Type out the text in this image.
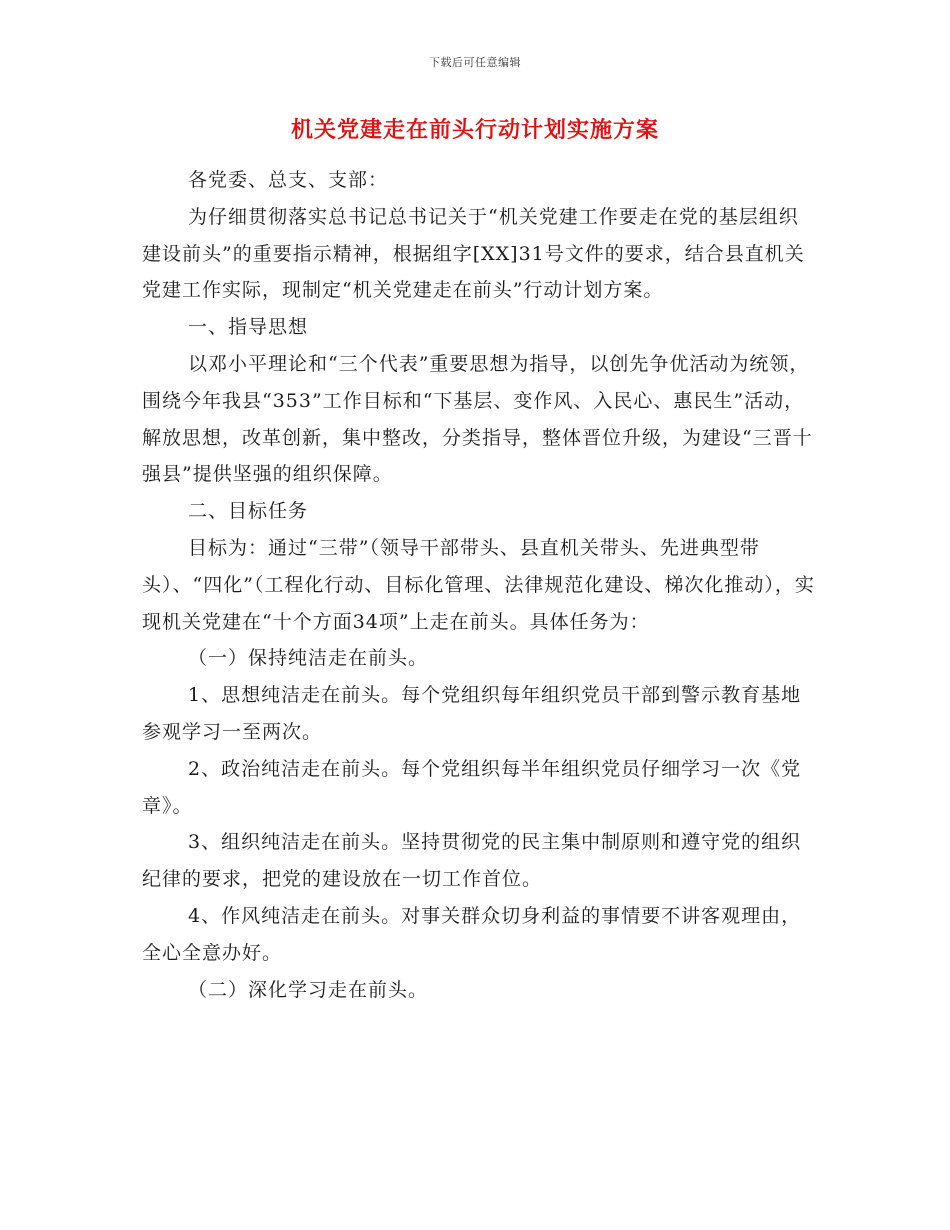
下载后可任意编辑
机关党建走在前头行动计划实施方案

各党委、总支、支部：

为仔细贯彻落实总书记总书记关于“机关党建工作要走在党的基层组织建设前头”的重要指示精神，根据组字[XX]31号文件的要求，结合县直机关党建工作实际，现制定“机关党建走在前头”行动计划方案。

一、指导思想

以邓小平理论和“三个代表”重要思想为指导，以创先争优活动为统领，围绕今年我县“353”工作目标和“下基层、变作风、入民心、惠民生”活动，解放思想，改革创新，集中整改，分类指导，整体晋位升级，为建设“三晋十强县”提供坚强的组织保障。

二、目标任务

目标为：通过“三带”（领导干部带头、县直机关带头、先进典型带头）、“四化”（工程化行动、目标化管理、法律规范化建设、梯次化推动），实现机关党建在“十个方面34项”上走在前头。具体任务为：

（一）保持纯洁走在前头。

1、思想纯洁走在前头。每个党组织每年组织党员干部到警示教育基地参观学习一至两次。

2、政治纯洁走在前头。每个党组织每半年组织党员仔细学习一次《党章》。

3、组织纯洁走在前头。坚持贯彻党的民主集中制原则和遵守党的组织纪律的要求，把党的建设放在一切工作首位。

4、作风纯洁走在前头。对事关群众切身利益的事情要不讲客观理由，全心全意办好。

（二）深化学习走在前头。
